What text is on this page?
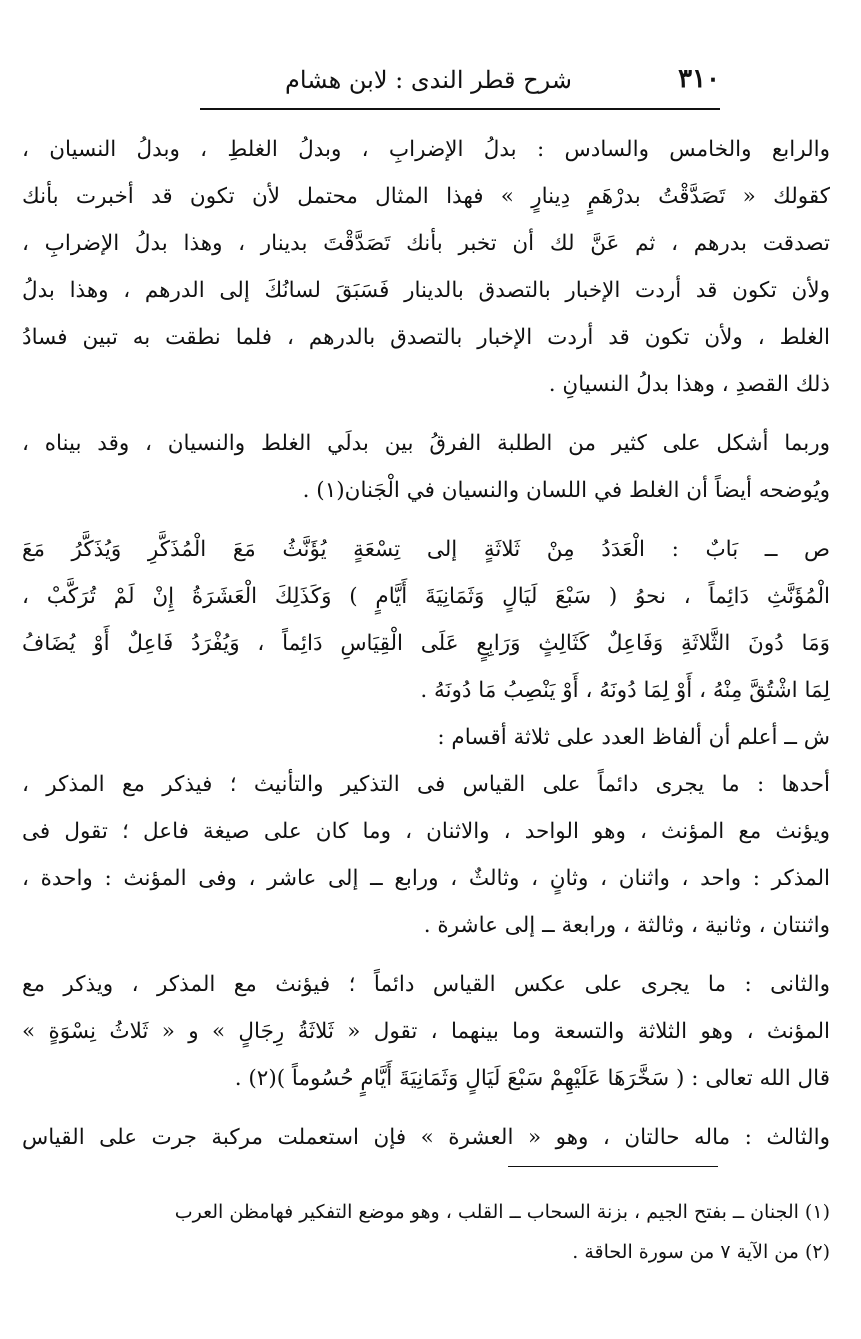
٣١٠
شرح قطر الندى : لابن هشام
والرابع والخامس والسادس : بدلُ الإضرابِ ، وبدلُ الغلطِ ، وبدلُ النسيان ،
كقولك « تَصَدَّقْتُ بدرْهَمٍ دِينارٍ » فهذا المثال محتمل لأن تكون قد أخبرت بأنك
تصدقت بدرهم ، ثم عَنَّ لك أن تخبر بأنك تَصَدَّقْتَ بدينار ، وهذا بدلُ الإضرابِ ،
ولأن تكون قد أردت الإخبار بالتصدق بالدينار فَسَبَقَ لسانُكَ إلى الدرهم ، وهذا بدلُ
الغلط ، ولأن تكون قد أردت الإخبار بالتصدق بالدرهم ، فلما نطقت به تبين فسادُ
ذلك القصدِ ، وهذا بدلُ النسيانِ .
وربما أشكل على كثير من الطلبة الفرقُ بين بدلَي الغلط والنسيان ، وقد بيناه ،
ويُوضحه أيضاً أن الغلط في اللسان والنسيان في الْجَنان(١) .
ص ــ بَابٌ : الْعَدَدُ مِنْ ثَلاثَةٍ إلى تِسْعَةٍ يُؤَنَّثُ مَعَ الْمُذَكَّرِ وَيُذَكَّرُ مَعَ
الْمُؤَنَّثِ دَائِماً ، نحوُ ( سَبْعَ لَيَالٍ وَثَمَانِيَةَ أَيَّامٍ ) وَكَذَلِكَ الْعَشَرَةُ إِنْ لَمْ تُرَكَّبْ ،
وَمَا دُونَ الثَّلاثَةِ وَفَاعِلٌ كَثَالِثٍ وَرَابِعٍ عَلَى الْقِيَاسِ دَائِماً ، وَيُفْرَدُ فَاعِلٌ أَوْ يُضَافُ
لِمَا اشْتُقَّ مِنْهُ ، أَوْ لِمَا دُونَهُ ، أَوْ يَنْصِبُ مَا دُونَهُ .
ش ــ أعلم أن ألفاظ العدد على ثلاثة أقسام :
أحدها : ما يجرى دائماً على القياس فى التذكير والتأنيث ؛ فيذكر مع المذكر ،
ويؤنث مع المؤنث ، وهو الواحد ، والاثنان ، وما كان على صيغة فاعل ؛ تقول فى
المذكر : واحد ، واثنان ، وثانٍ ، وثالثٌ ، ورابع ــ إلى عاشر ، وفى المؤنث : واحدة ،
واثنتان ، وثانية ، وثالثة ، ورابعة ــ إلى عاشرة .
والثانى : ما يجرى على عكس القياس دائماً ؛ فيؤنث مع المذكر ، ويذكر مع
المؤنث ، وهو الثلاثة والتسعة وما بينهما ، تقول « ثَلاثَةُ رِجَالٍ » و « ثَلاثُ نِسْوَةٍ »
قال الله تعالى : ( سَخَّرَهَا عَلَيْهِمْ سَبْعَ لَيَالٍ وَثَمَانِيَةَ أَيَّامٍ حُسُوماً )(٢) .
والثالث : ماله حالتان ، وهو « العشرة » فإن استعملت مركبة جرت على القياس
(١) الجنان ــ بفتح الجيم ، بزنة السحاب ــ القلب ، وهو موضع التفكير فهامظن العرب
(٢) من الآية ٧ من سورة الحاقة .
